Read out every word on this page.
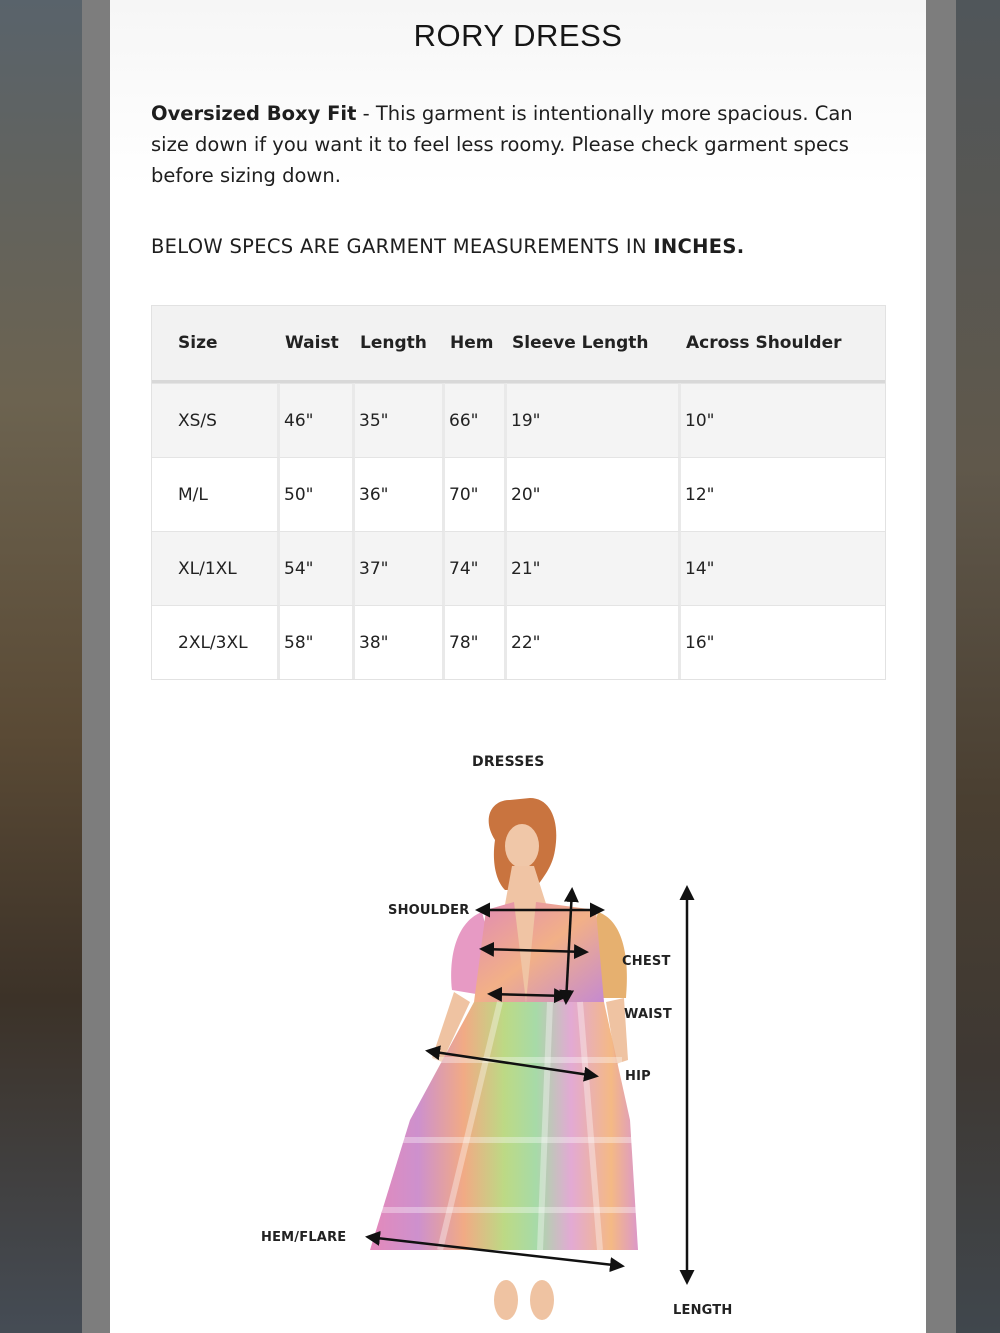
RORY DRESS
Oversized Boxy Fit - This garment is intentionally more spacious. Can size down if you want it to feel less roomy. Please check garment specs before sizing down.
BELOW SPECS ARE GARMENT MEASUREMENTS IN INCHES.
Size	Waist	Length	Hem	Sleeve Length	Across Shoulder
XS/S	46"	35"	66"	19"	10"
M/L	50"	36"	70"	20"	12"
XL/1XL	54"	37"	74"	21"	14"
2XL/3XL	58"	38"	78"	22"	16"
DRESSES
SHOULDER
CHEST
WAIST
HIP
HEM/FLARE
LENGTH
